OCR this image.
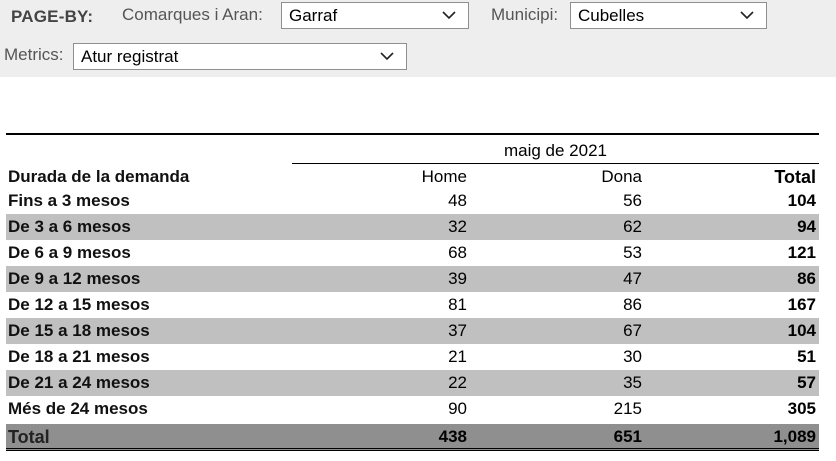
PAGE-BY: Comarques i Aran:	Garraf	Municipi:	Cubelles
Metrics:	Atur registrat
maig de 2021
Durada de la demanda	Home	Dona	Total
Fins a 3 mesos	48	56	104
De 3 a 6 mesos	32	62	94
De 6 a 9 mesos	68	53	121
De 9 a 12 mesos	39	47	86
De 12 a 15 mesos	81	86	167
De 15 a 18 mesos	37	67	104
De 18 a 21 mesos	21	30	51
De 21 a 24 mesos	22	35	57
Més de 24 mesos	90	215	305
Total	438	651	1,089
